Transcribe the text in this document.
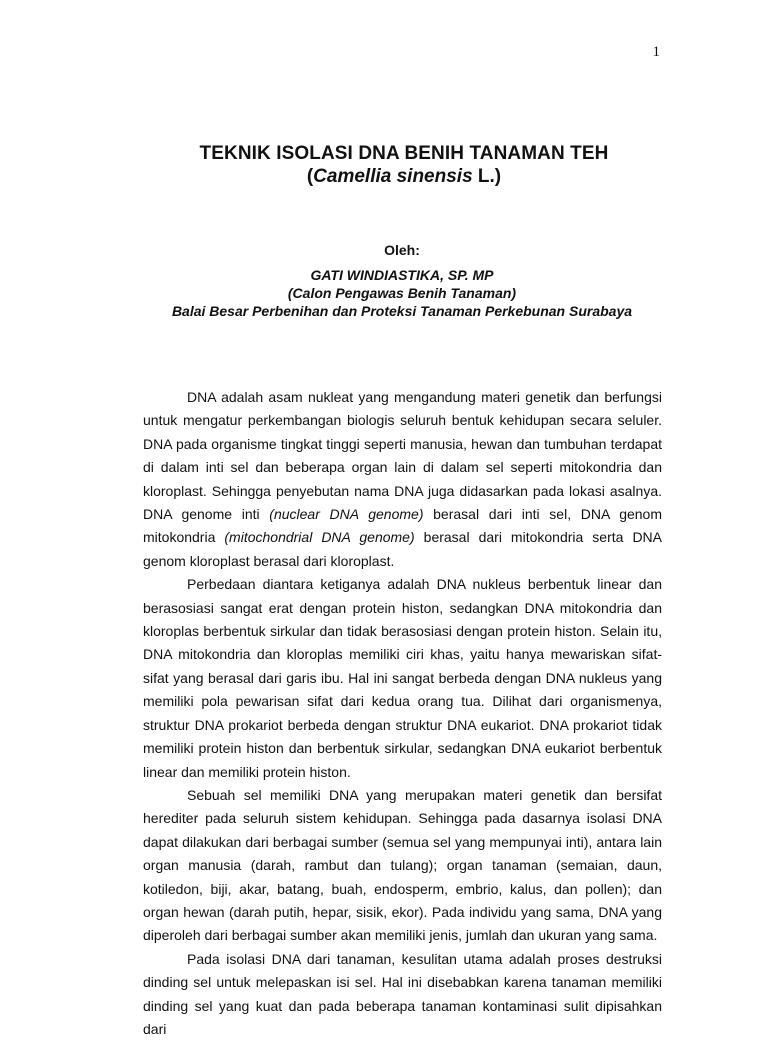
1
TEKNIK ISOLASI DNA BENIH TANAMAN TEH
(Camellia sinensis L.)
Oleh:
GATI WINDIASTIKA, SP. MP
(Calon Pengawas Benih Tanaman)
Balai Besar Perbenihan dan Proteksi Tanaman Perkebunan Surabaya

DNA adalah asam nukleat yang mengandung materi genetik dan berfungsi untuk mengatur perkembangan biologis seluruh bentuk kehidupan secara seluler. DNA pada organisme tingkat tinggi seperti manusia, hewan dan tumbuhan terdapat di dalam inti sel dan beberapa organ lain di dalam sel seperti mitokondria dan kloroplast. Sehingga penyebutan nama DNA juga didasarkan pada lokasi asalnya. DNA genome inti (nuclear DNA genome) berasal dari inti sel, DNA genom mitokondria (mitochondrial DNA genome) berasal dari mitokondria serta DNA genom kloroplast berasal dari kloroplast.

Perbedaan diantara ketiganya adalah DNA nukleus berbentuk linear dan berasosiasi sangat erat dengan protein histon, sedangkan DNA mitokondria dan kloroplas berbentuk sirkular dan tidak berasosiasi dengan protein histon. Selain itu, DNA mitokondria dan kloroplas memiliki ciri khas, yaitu hanya mewariskan sifat-sifat yang berasal dari garis ibu. Hal ini sangat berbeda dengan DNA nukleus yang memiliki pola pewarisan sifat dari kedua orang tua. Dilihat dari organismenya, struktur DNA prokariot berbeda dengan struktur DNA eukariot. DNA prokariot tidak memiliki protein histon dan berbentuk sirkular, sedangkan DNA eukariot berbentuk linear dan memiliki protein histon.

Sebuah sel memiliki DNA yang merupakan materi genetik dan bersifat herediter pada seluruh sistem kehidupan. Sehingga pada dasarnya isolasi DNA dapat dilakukan dari berbagai sumber (semua sel yang mempunyai inti), antara lain organ manusia (darah, rambut dan tulang); organ tanaman (semaian, daun, kotiledon, biji, akar, batang, buah, endosperm, embrio, kalus, dan pollen); dan organ hewan (darah putih, hepar, sisik, ekor). Pada individu yang sama, DNA yang diperoleh dari berbagai sumber akan memiliki jenis, jumlah dan ukuran yang sama.

Pada isolasi DNA dari tanaman, kesulitan utama adalah proses destruksi dinding sel untuk melepaskan isi sel. Hal ini disebabkan karena tanaman memiliki dinding sel yang kuat dan pada beberapa tanaman kontaminasi sulit dipisahkan dari
